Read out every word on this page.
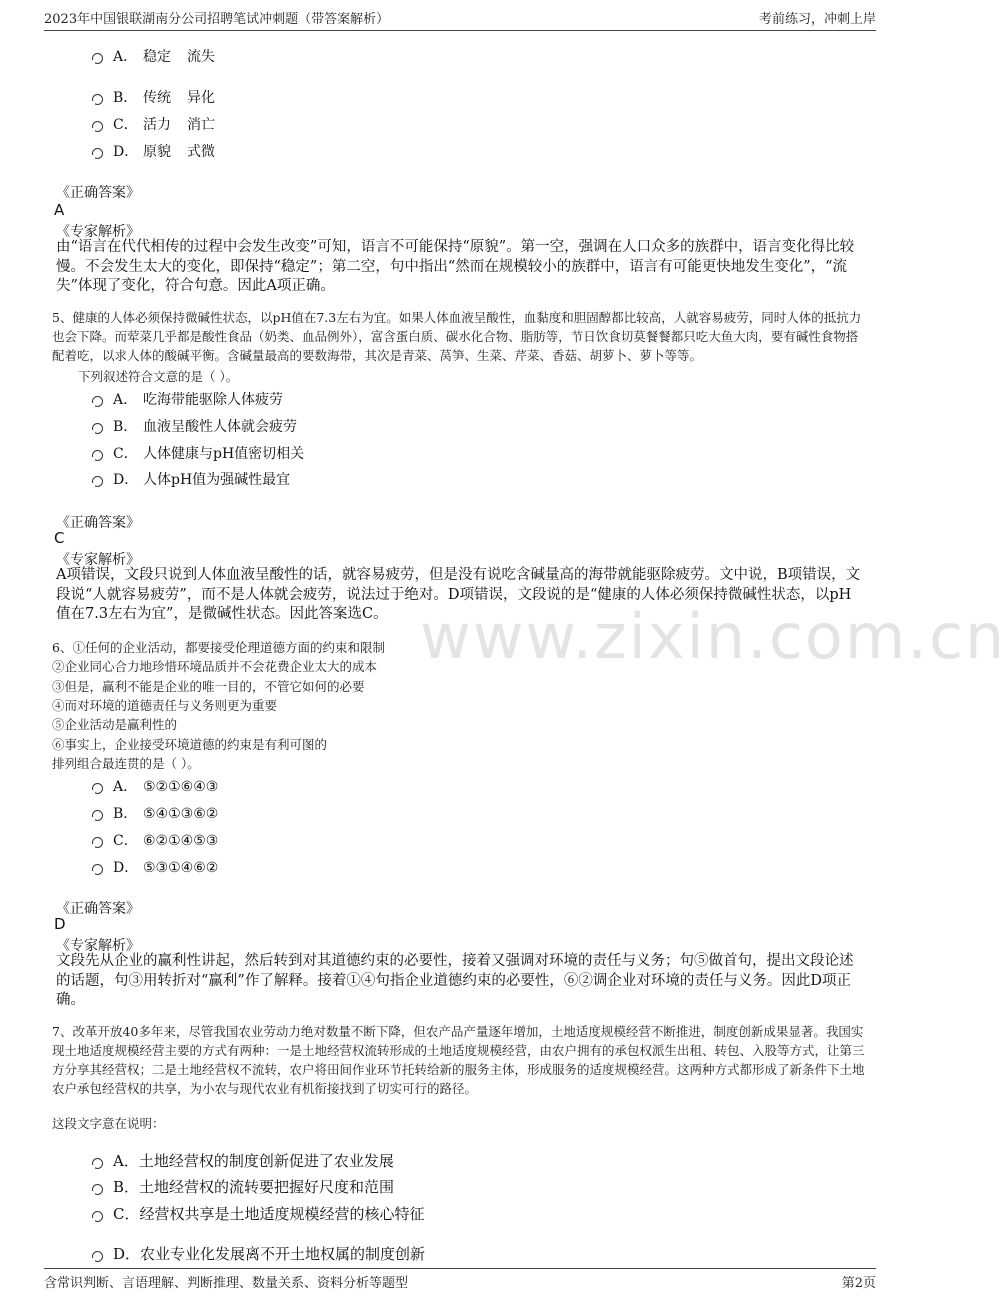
2023年中国银联湖南分公司招聘笔试冲刺题（带答案解析）	考前练习，冲刺上岸
www.zixin.com.cn
A． 稳定 流失
B． 传统 异化
C． 活力 消亡
D． 原貌 式微
《正确答案》
A
《专家解析》
由“语言在代代相传的过程中会发生改变”可知，语言不可能保持“原貌”。第一空，强调在人口众多的族群中，语言变化得比较慢。不会发生太大的变化，即保持“稳定”；第二空，句中指出“然而在规模较小的族群中，语言有可能更快地发生变化”，“流失”体现了变化，符合句意。因此A项正确。
5、健康的人体必须保持微碱性状态，以pH值在7.3左右为宜。如果人体血液呈酸性，血黏度和胆固醇都比较高，人就容易疲劳，同时人体的抵抗力也会下降。而荤菜几乎都是酸性食品（奶类、血品例外），富含蛋白质、碳水化合物、脂肪等，节日饮食切莫餐餐都只吃大鱼大肉，要有碱性食物搭配着吃，以求人体的酸碱平衡。含碱量最高的要数海带，其次是青菜、莴笋、生菜、芹菜、香菇、胡萝卜、萝卜等等。
下列叙述符合文意的是（ ）。
A． 吃海带能驱除人体疲劳
B． 血液呈酸性人体就会疲劳
C． 人体健康与pH值密切相关
D． 人体pH值为强碱性最宜
《正确答案》
C
《专家解析》
A项错误，文段只说到人体血液呈酸性的话，就容易疲劳，但是没有说吃含碱量高的海带就能驱除疲劳。文中说，B项错误，文段说“人就容易疲劳”，而不是人体就会疲劳，说法过于绝对。D项错误，文段说的是“健康的人体必须保持微碱性状态，以pH值在7.3左右为宜”，是微碱性状态。因此答案选C。
6、①任何的企业活动，都要接受伦理道德方面的约束和限制
②企业同心合力地珍惜环境品质并不会花费企业太大的成本
③但是，赢利不能是企业的唯一目的，不管它如何的必要
④而对环境的道德责任与义务则更为重要
⑤企业活动是赢利性的
⑥事实上，企业接受环境道德的约束是有利可图的
排列组合最连贯的是（ ）。
A． ⑤②①⑥④③
B． ⑤④①③⑥②
C． ⑥②①④⑤③
D． ⑤③①④⑥②
《正确答案》
D
《专家解析》
文段先从企业的赢利性讲起，然后转到对其道德约束的必要性，接着又强调对环境的责任与义务；句⑤做首句，提出文段论述的话题，句③用转折对“赢利”作了解释。接着①④句指企业道德约束的必要性，⑥②调企业对环境的责任与义务。因此D项正确。
7、改革开放40多年来，尽管我国农业劳动力绝对数量不断下降，但农产品产量逐年增加，土地适度规模经营不断推进，制度创新成果显著。我国实现土地适度规模经营主要的方式有两种：一是土地经营权流转形成的土地适度规模经营，由农户拥有的承包权派生出租、转包、入股等方式，让第三方分享其经营权；二是土地经营权不流转，农户将田间作业环节托转给新的服务主体，形成服务的适度规模经营。这两种方式都形成了新条件下土地农户承包经营权的共享，为小农与现代农业有机衔接找到了切实可行的路径。
这段文字意在说明：
A．土地经营权的制度创新促进了农业发展
B．土地经营权的流转要把握好尺度和范围
C．经营权共享是土地适度规模经营的核心特征
D．农业专业化发展离不开土地权属的制度创新
含常识判断、言语理解、判断推理、数量关系、资料分析等题型	第2页
